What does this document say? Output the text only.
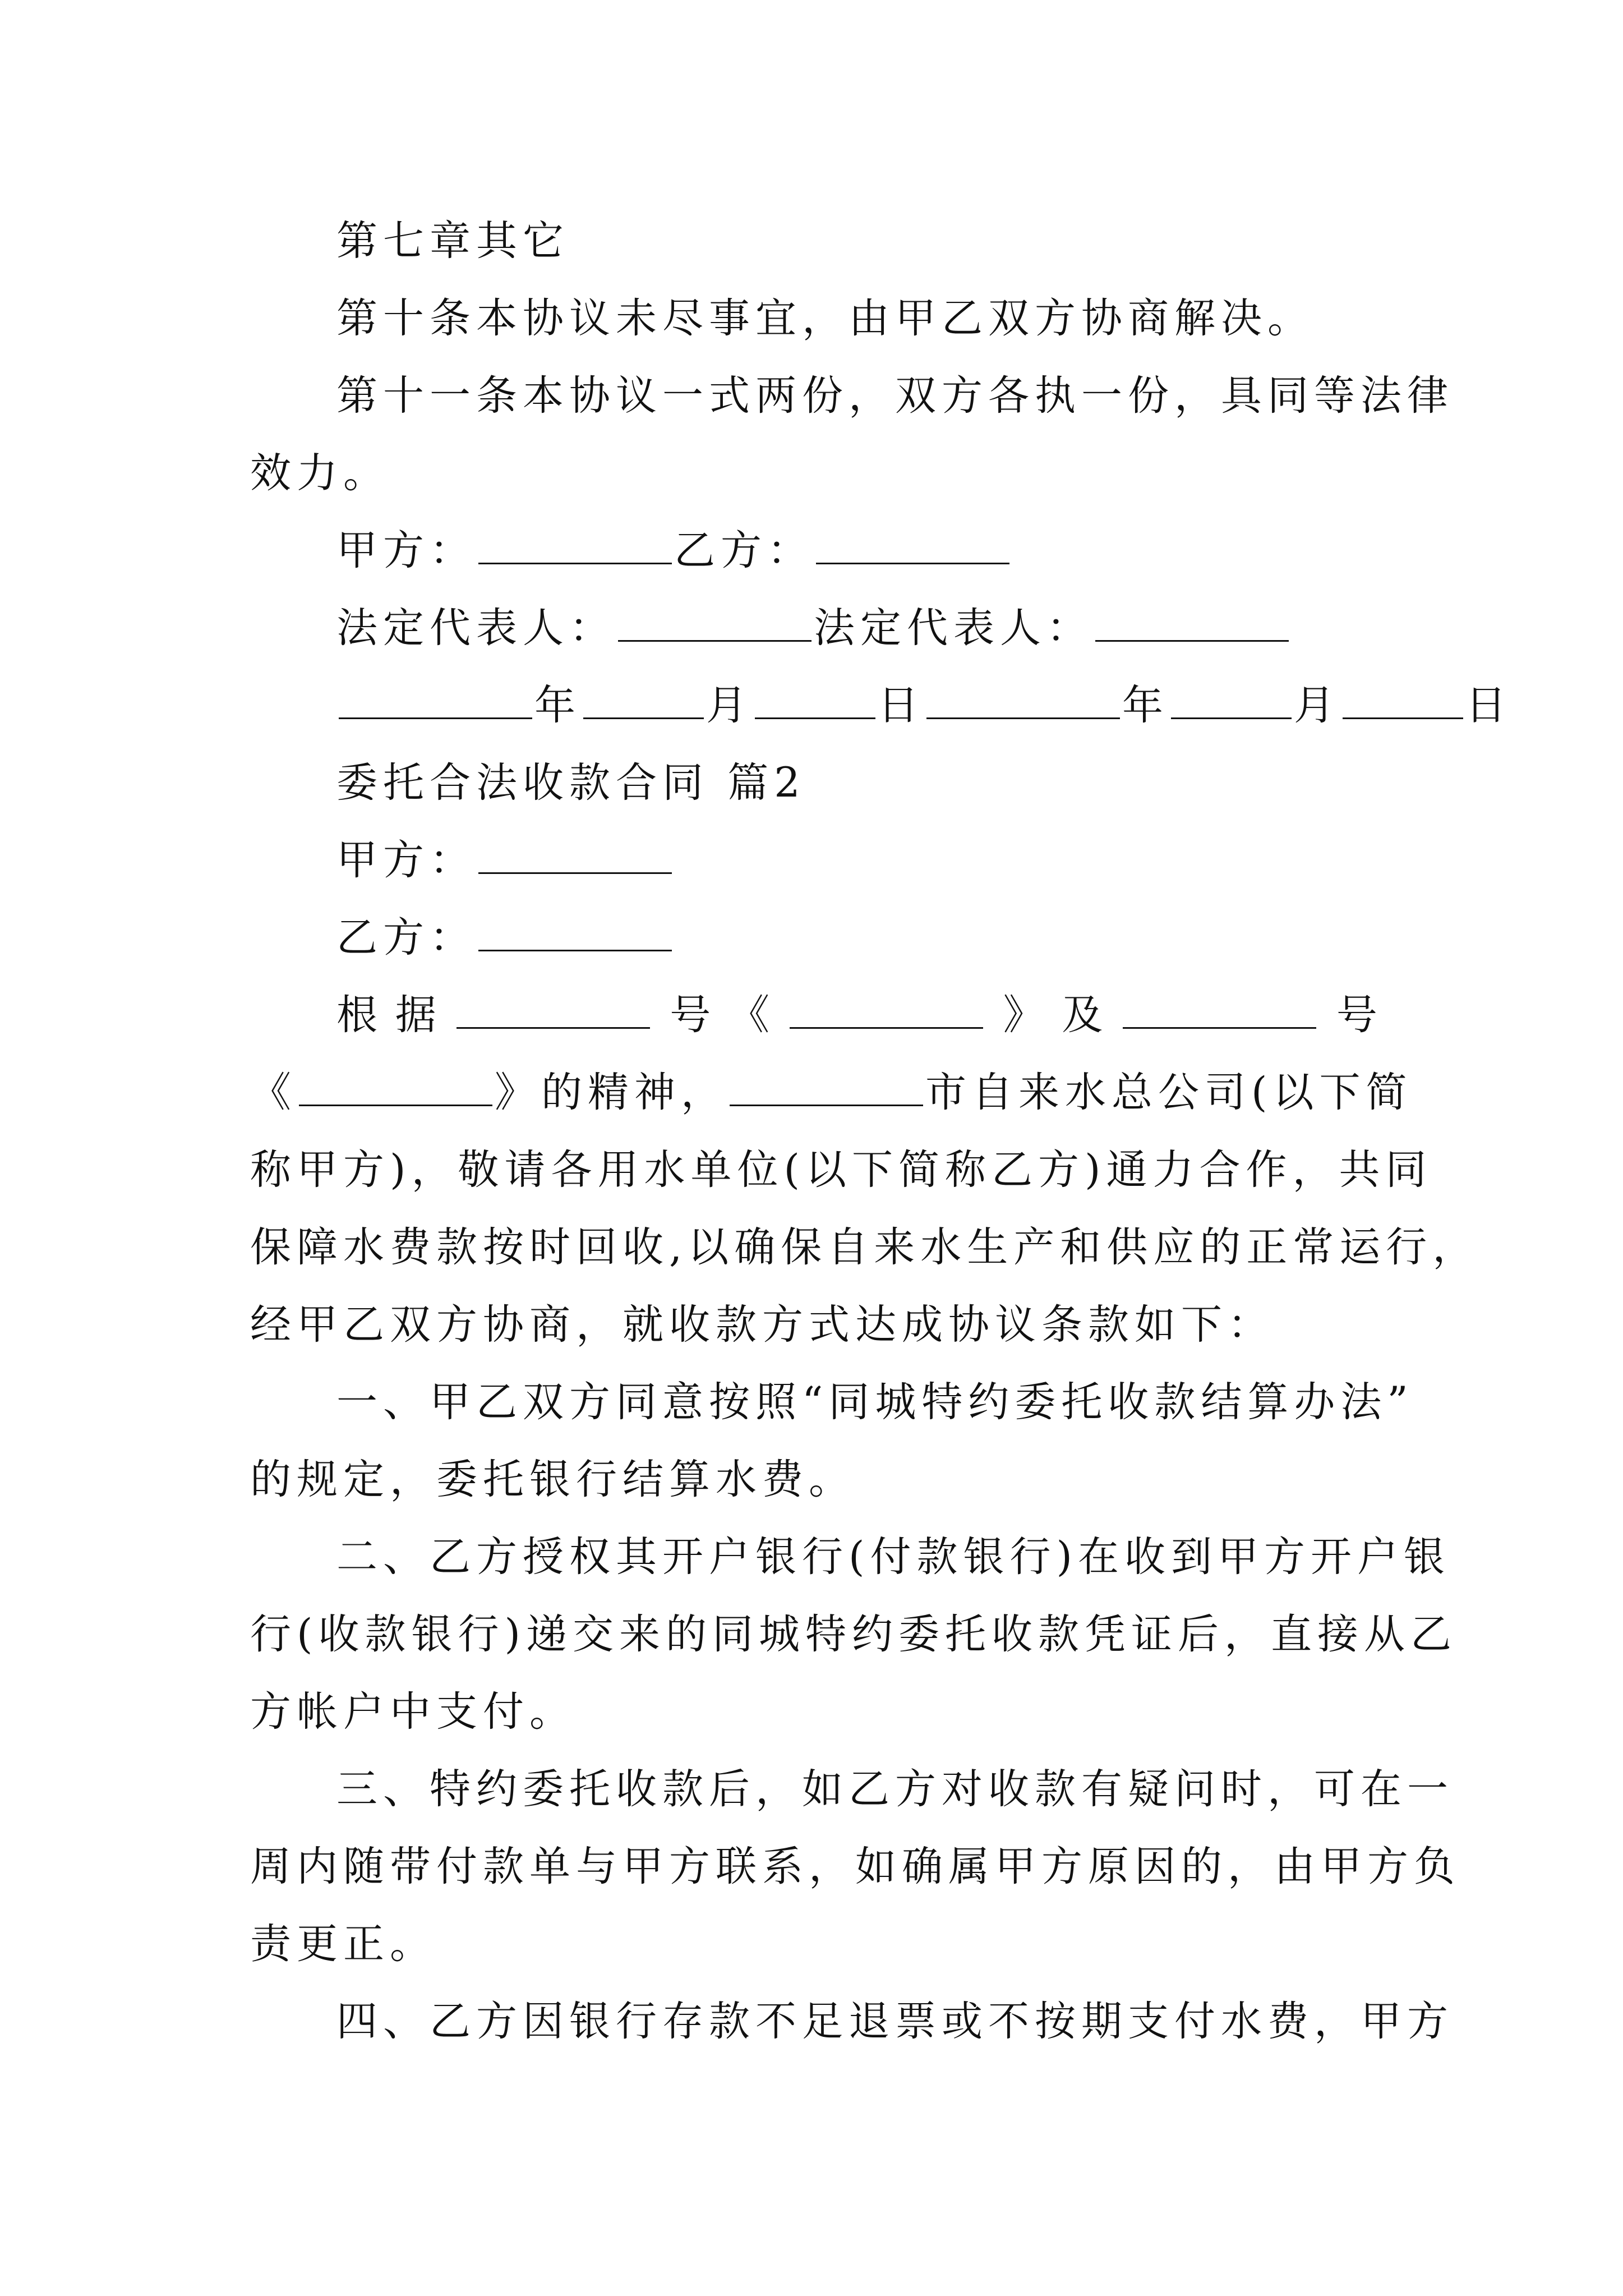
第七章其它
第十条本协议未尽事宜，由甲乙双方协商解决。
第十一条本协议一式两份，双方各执一份，具同等法律
效力。
甲方：	乙方：
法定代表人：	法定代表人：
年	月	日	年	月	日
委托合法收款合同 篇2
甲方：
乙方：
根 据	号 《	》 及	号
《	》的精神，	市自来水总公司(以下简
称甲方)，敬请各用水单位(以下简称乙方)通力合作，共同
保障水费款按时回收,以确保自来水生产和供应的正常运行，
经甲乙双方协商，就收款方式达成协议条款如下：
一、甲乙双方同意按照“同城特约委托收款结算办法”
的规定，委托银行结算水费。
二、乙方授权其开户银行(付款银行)在收到甲方开户银
行(收款银行)递交来的同城特约委托收款凭证后，直接从乙
方帐户中支付。
三、特约委托收款后，如乙方对收款有疑问时，可在一
周内随带付款单与甲方联系，如确属甲方原因的，由甲方负
责更正。
四、乙方因银行存款不足退票或不按期支付水费，甲方
